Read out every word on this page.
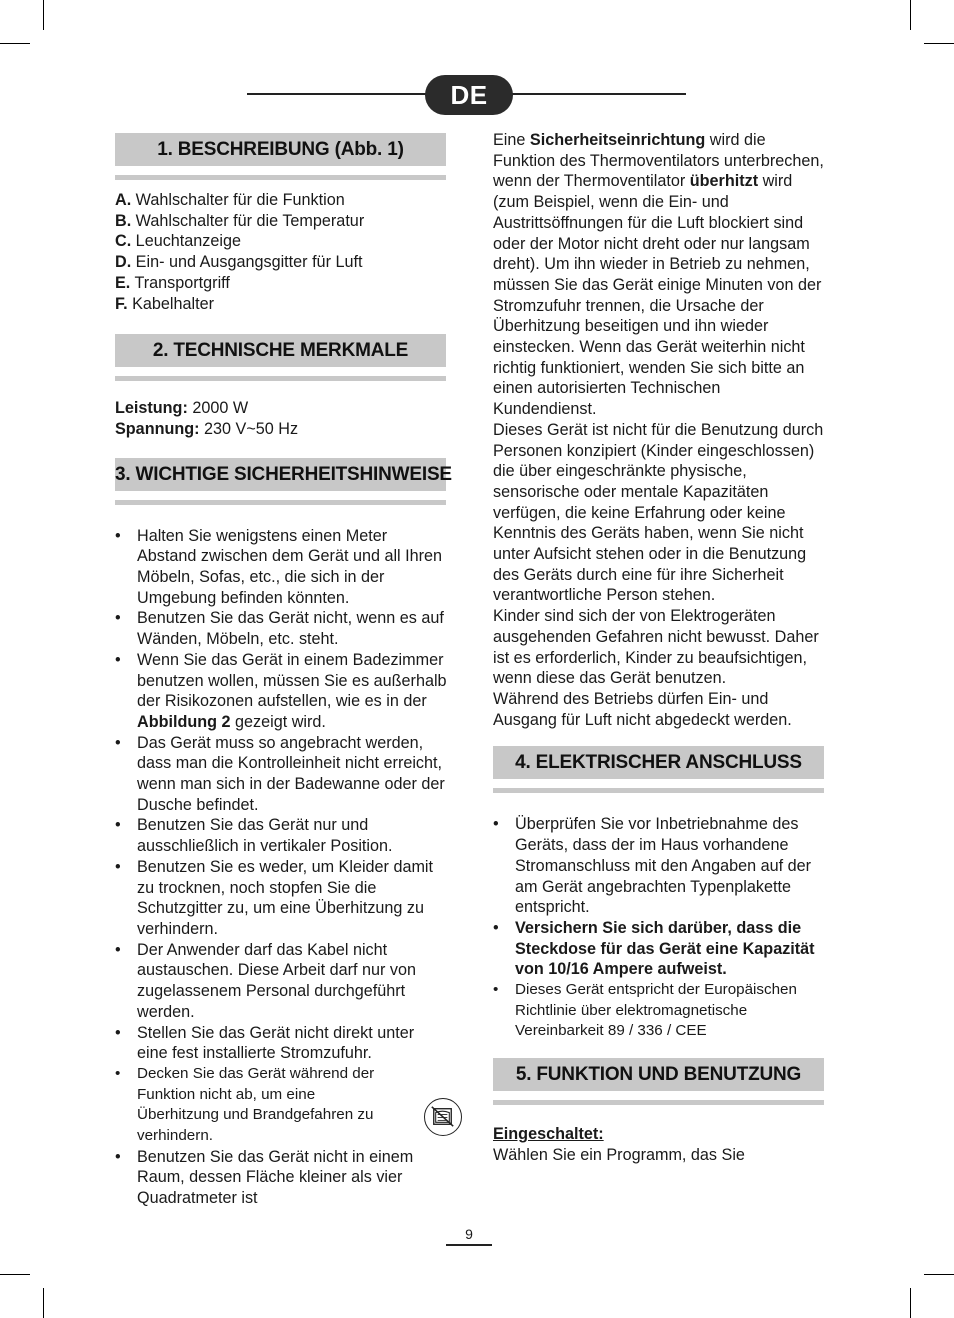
DE
1. BESCHREIBUNG (Abb. 1)

A. Wahlschalter für die Funktion

B. Wahlschalter für die Temperatur

C. Leuchtanzeige

D. Ein- und Ausgangsgitter für Luft

E. Transportgriff

F. Kabelhalter

2. TECHNISCHE MERKMALE

Leistung: 2000 W

Spannung: 230 V~50 Hz

3. WICHTIGE SICHERHEITSHINWEISE

• Halten Sie wenigstens einen Meter Abstand zwischen dem Gerät und all Ihren Möbeln, Sofas, etc., die sich in der Umgebung befinden könnten.

• Benutzen Sie das Gerät nicht, wenn es auf Wänden, Möbeln, etc. steht.

• Wenn Sie das Gerät in einem Badezimmer benutzen wollen, müssen Sie es außerhalb der Risikozonen aufstellen, wie es in der Abbildung 2 gezeigt wird.

• Das Gerät muss so angebracht werden, dass man die Kontrolleinheit nicht erreicht, wenn man sich in der Badewanne oder der Dusche befindet.

• Benutzen Sie das Gerät nur und ausschließlich in vertikaler Position.

• Benutzen Sie es weder, um Kleider damit zu trocknen, noch stopfen Sie die Schutzgitter zu, um eine Überhitzung zu verhindern.

• Der Anwender darf das Kabel nicht austauschen. Diese Arbeit darf nur von zugelassenem Personal durchgeführt werden.

• Stellen Sie das Gerät nicht direkt unter eine fest installierte Stromzufuhr.

• Decken Sie das Gerät während der Funktion nicht ab, um eine Überhitzung und Brandgefahren zu verhindern.

• Benutzen Sie das Gerät nicht in einem Raum, dessen Fläche kleiner als vier Quadratmeter ist

Eine Sicherheitseinrichtung wird die Funktion des Thermoventilators unterbrechen, wenn der Thermoventilator überhitzt wird (zum Beispiel, wenn die Ein- und Austrittsöffnungen für die Luft blockiert sind oder der Motor nicht dreht oder nur langsam dreht). Um ihn wieder in Betrieb zu nehmen, müssen Sie das Gerät einige Minuten von der Stromzufuhr trennen, die Ursache der Überhitzung beseitigen und ihn wieder einstecken. Wenn das Gerät weiterhin nicht richtig funktioniert, wenden Sie sich bitte an einen autorisierten Technischen Kundendienst.

Dieses Gerät ist nicht für die Benutzung durch Personen konzipiert (Kinder eingeschlossen) die über eingeschränkte physische, sensorische oder mentale Kapazitäten verfügen, die keine Erfahrung oder keine Kenntnis des Geräts haben, wenn Sie nicht unter Aufsicht stehen oder in die Benutzung des Geräts durch eine für ihre Sicherheit verantwortliche Person stehen.

Kinder sind sich der von Elektrogeräten ausgehenden Gefahren nicht bewusst. Daher ist es erforderlich, Kinder zu beaufsichtigen, wenn diese das Gerät benutzen.

Während des Betriebs dürfen Ein- und Ausgang für Luft nicht abgedeckt werden.

4. ELEKTRISCHER ANSCHLUSS

• Überprüfen Sie vor Inbetriebnahme des Geräts, dass der im Haus vorhandene Stromanschluss mit den Angaben auf der am Gerät angebrachten Typenplakette entspricht.

• Versichern Sie sich darüber, dass die Steckdose für das Gerät eine Kapazität von 10/16 Ampere aufweist.

• Dieses Gerät entspricht der Europäischen Richtlinie über elektromagnetische Vereinbarkeit 89 / 336 / CEE

5. FUNKTION UND BENUTZUNG

Eingeschaltet:

Wählen Sie ein Programm, das Sie

9
